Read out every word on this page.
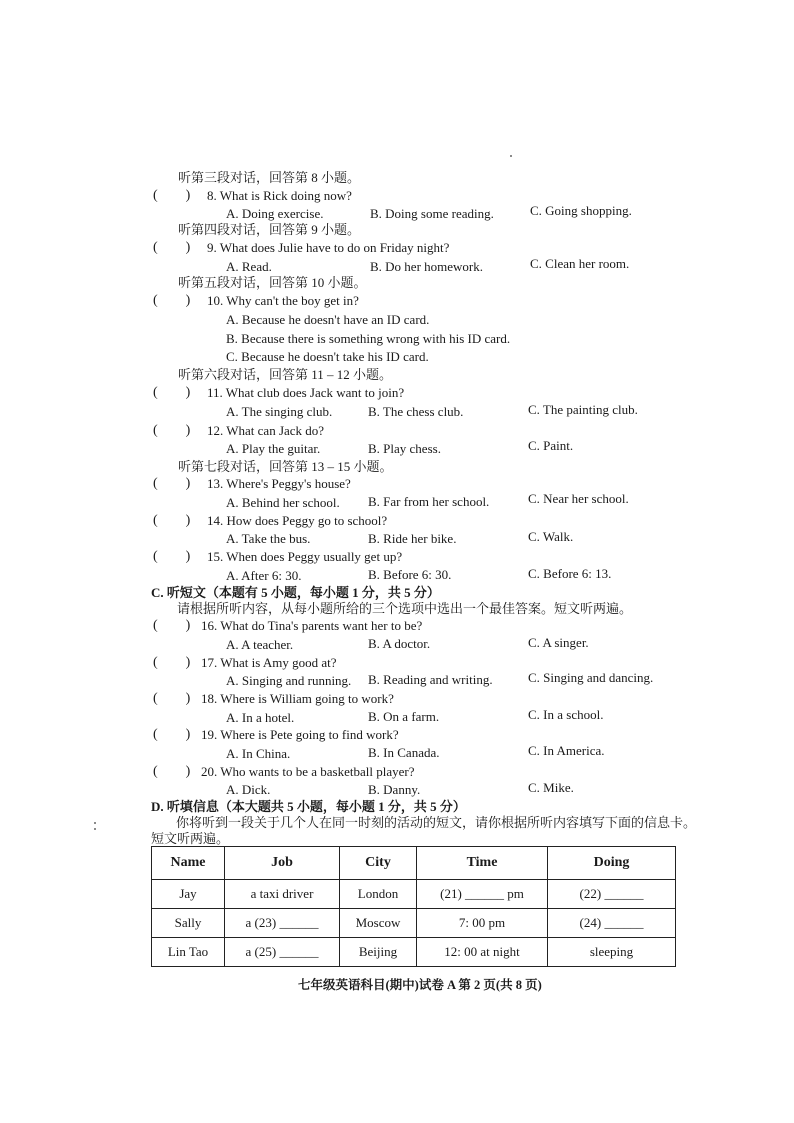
听第三段对话，回答第 8 小题。
(　　) 8. What is Rick doing now?
A. Doing exercise.	B. Doing some reading.	C. Going shopping.
听第四段对话，回答第 9 小题。
(　　) 9. What does Julie have to do on Friday night?
A. Read.	B. Do her homework.	C. Clean her room.
听第五段对话，回答第 10 小题。
(　　) 10. Why can't the boy get in?
A. Because he doesn't have an ID card.
B. Because there is something wrong with his ID card.
C. Because he doesn't take his ID card.
听第六段对话，回答第 11 – 12 小题。
(　　) 11. What club does Jack want to join?
A. The singing club.	B. The chess club.	C. The painting club.
(　　) 12. What can Jack do?
A. Play the guitar.	B. Play chess.	C. Paint.
听第七段对话，回答第 13 – 15 小题。
(　　) 13. Where's Peggy's house?
A. Behind her school. B. Far from her school.	C. Near her school.
(　　) 14. How does Peggy go to school?
A. Take the bus.	B. Ride her bike.	C. Walk.
(　　) 15. When does Peggy usually get up?
A. After 6: 30.	B. Before 6: 30.	C. Before 6: 13.
C. 听短文（本题有 5 小题，每小题 1 分，共 5 分）
请根据所听内容，从每小题所给的三个选项中选出一个最佳答案。短文听两遍。
(　　) 16. What do Tina's parents want her to be?
A. A teacher.	B. A doctor.	C. A singer.
(　　) 17. What is Amy good at?
A. Singing and running. B. Reading and writing.	C. Singing and dancing.
(　　) 18. Where is William going to work?
A. In a hotel.	B. On a farm.	C. In a school.
(　　) 19. Where is Pete going to find work?
A. In China.	B. In Canada.	C. In America.
(　　) 20. Who wants to be a basketball player?
A. Dick.	B. Danny.	C. Mike.
D. 听填信息（本大题共 5 小题，每小题 1 分，共 5 分）
你将听到一段关于几个人在同一时刻的活动的短文，请你根据所听内容填写下面的信息卡。
短文听两遍。
Name	Job	City	Time	Doing
Jay	a taxi driver	London	(21) ______ pm	(22) ______
Sally	a (23) ______	Moscow	7: 00 pm	(24) ______
Lin Tao	a (25) ______	Beijing	12: 00 at night	sleeping
七年级英语科目(期中)试卷 A 第 2 页(共 8 页)
